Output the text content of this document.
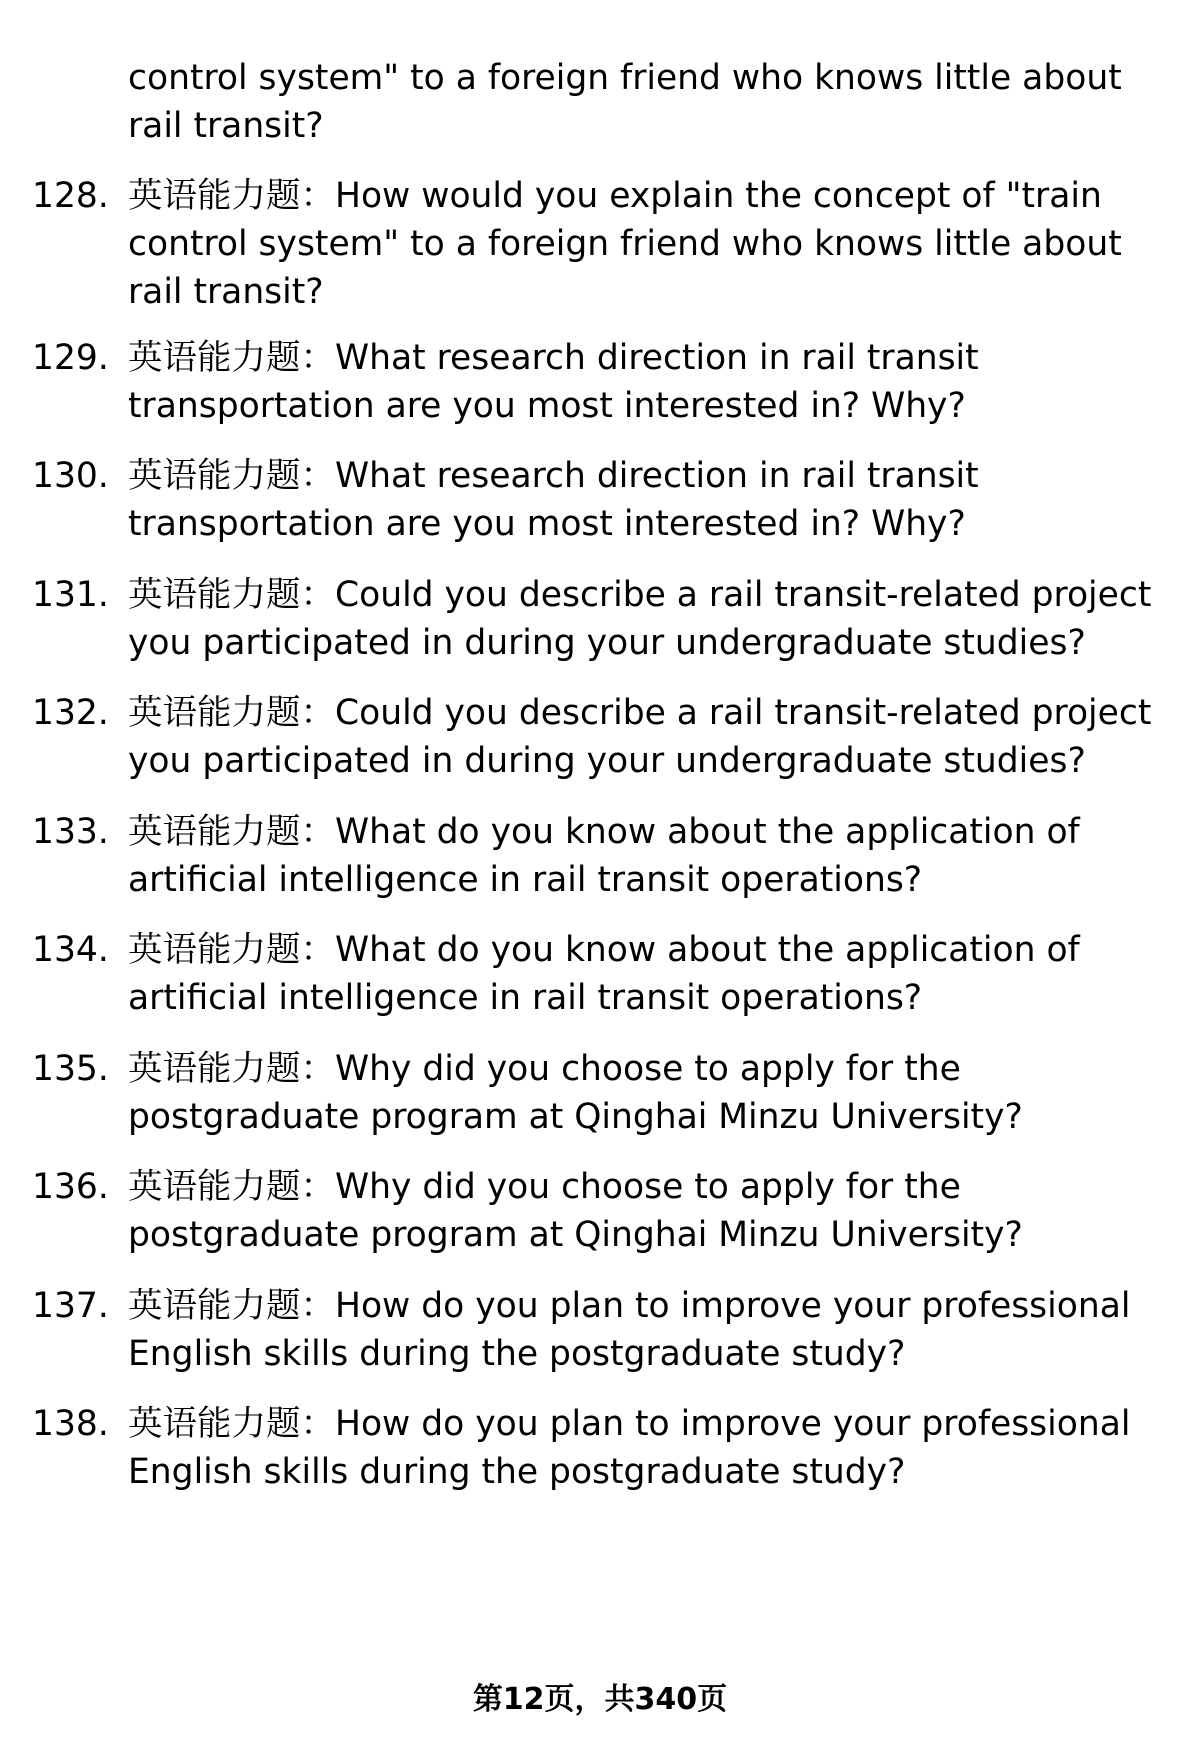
control system" to a foreign friend who knows little about rail transit?
128. 英语能力题：How would you explain the concept of "train control system" to a foreign friend who knows little about rail transit?
129. 英语能力题：What research direction in rail transit transportation are you most interested in? Why?
130. 英语能力题：What research direction in rail transit transportation are you most interested in? Why?
131. 英语能力题：Could you describe a rail transit-related project you participated in during your undergraduate studies?
132. 英语能力题：Could you describe a rail transit-related project you participated in during your undergraduate studies?
133. 英语能力题：What do you know about the application of artificial intelligence in rail transit operations?
134. 英语能力题：What do you know about the application of artificial intelligence in rail transit operations?
135. 英语能力题：Why did you choose to apply for the postgraduate program at Qinghai Minzu University?
136. 英语能力题：Why did you choose to apply for the postgraduate program at Qinghai Minzu University?
137. 英语能力题：How do you plan to improve your professional English skills during the postgraduate study?
138. 英语能力题：How do you plan to improve your professional English skills during the postgraduate study?
第12页，共340页
